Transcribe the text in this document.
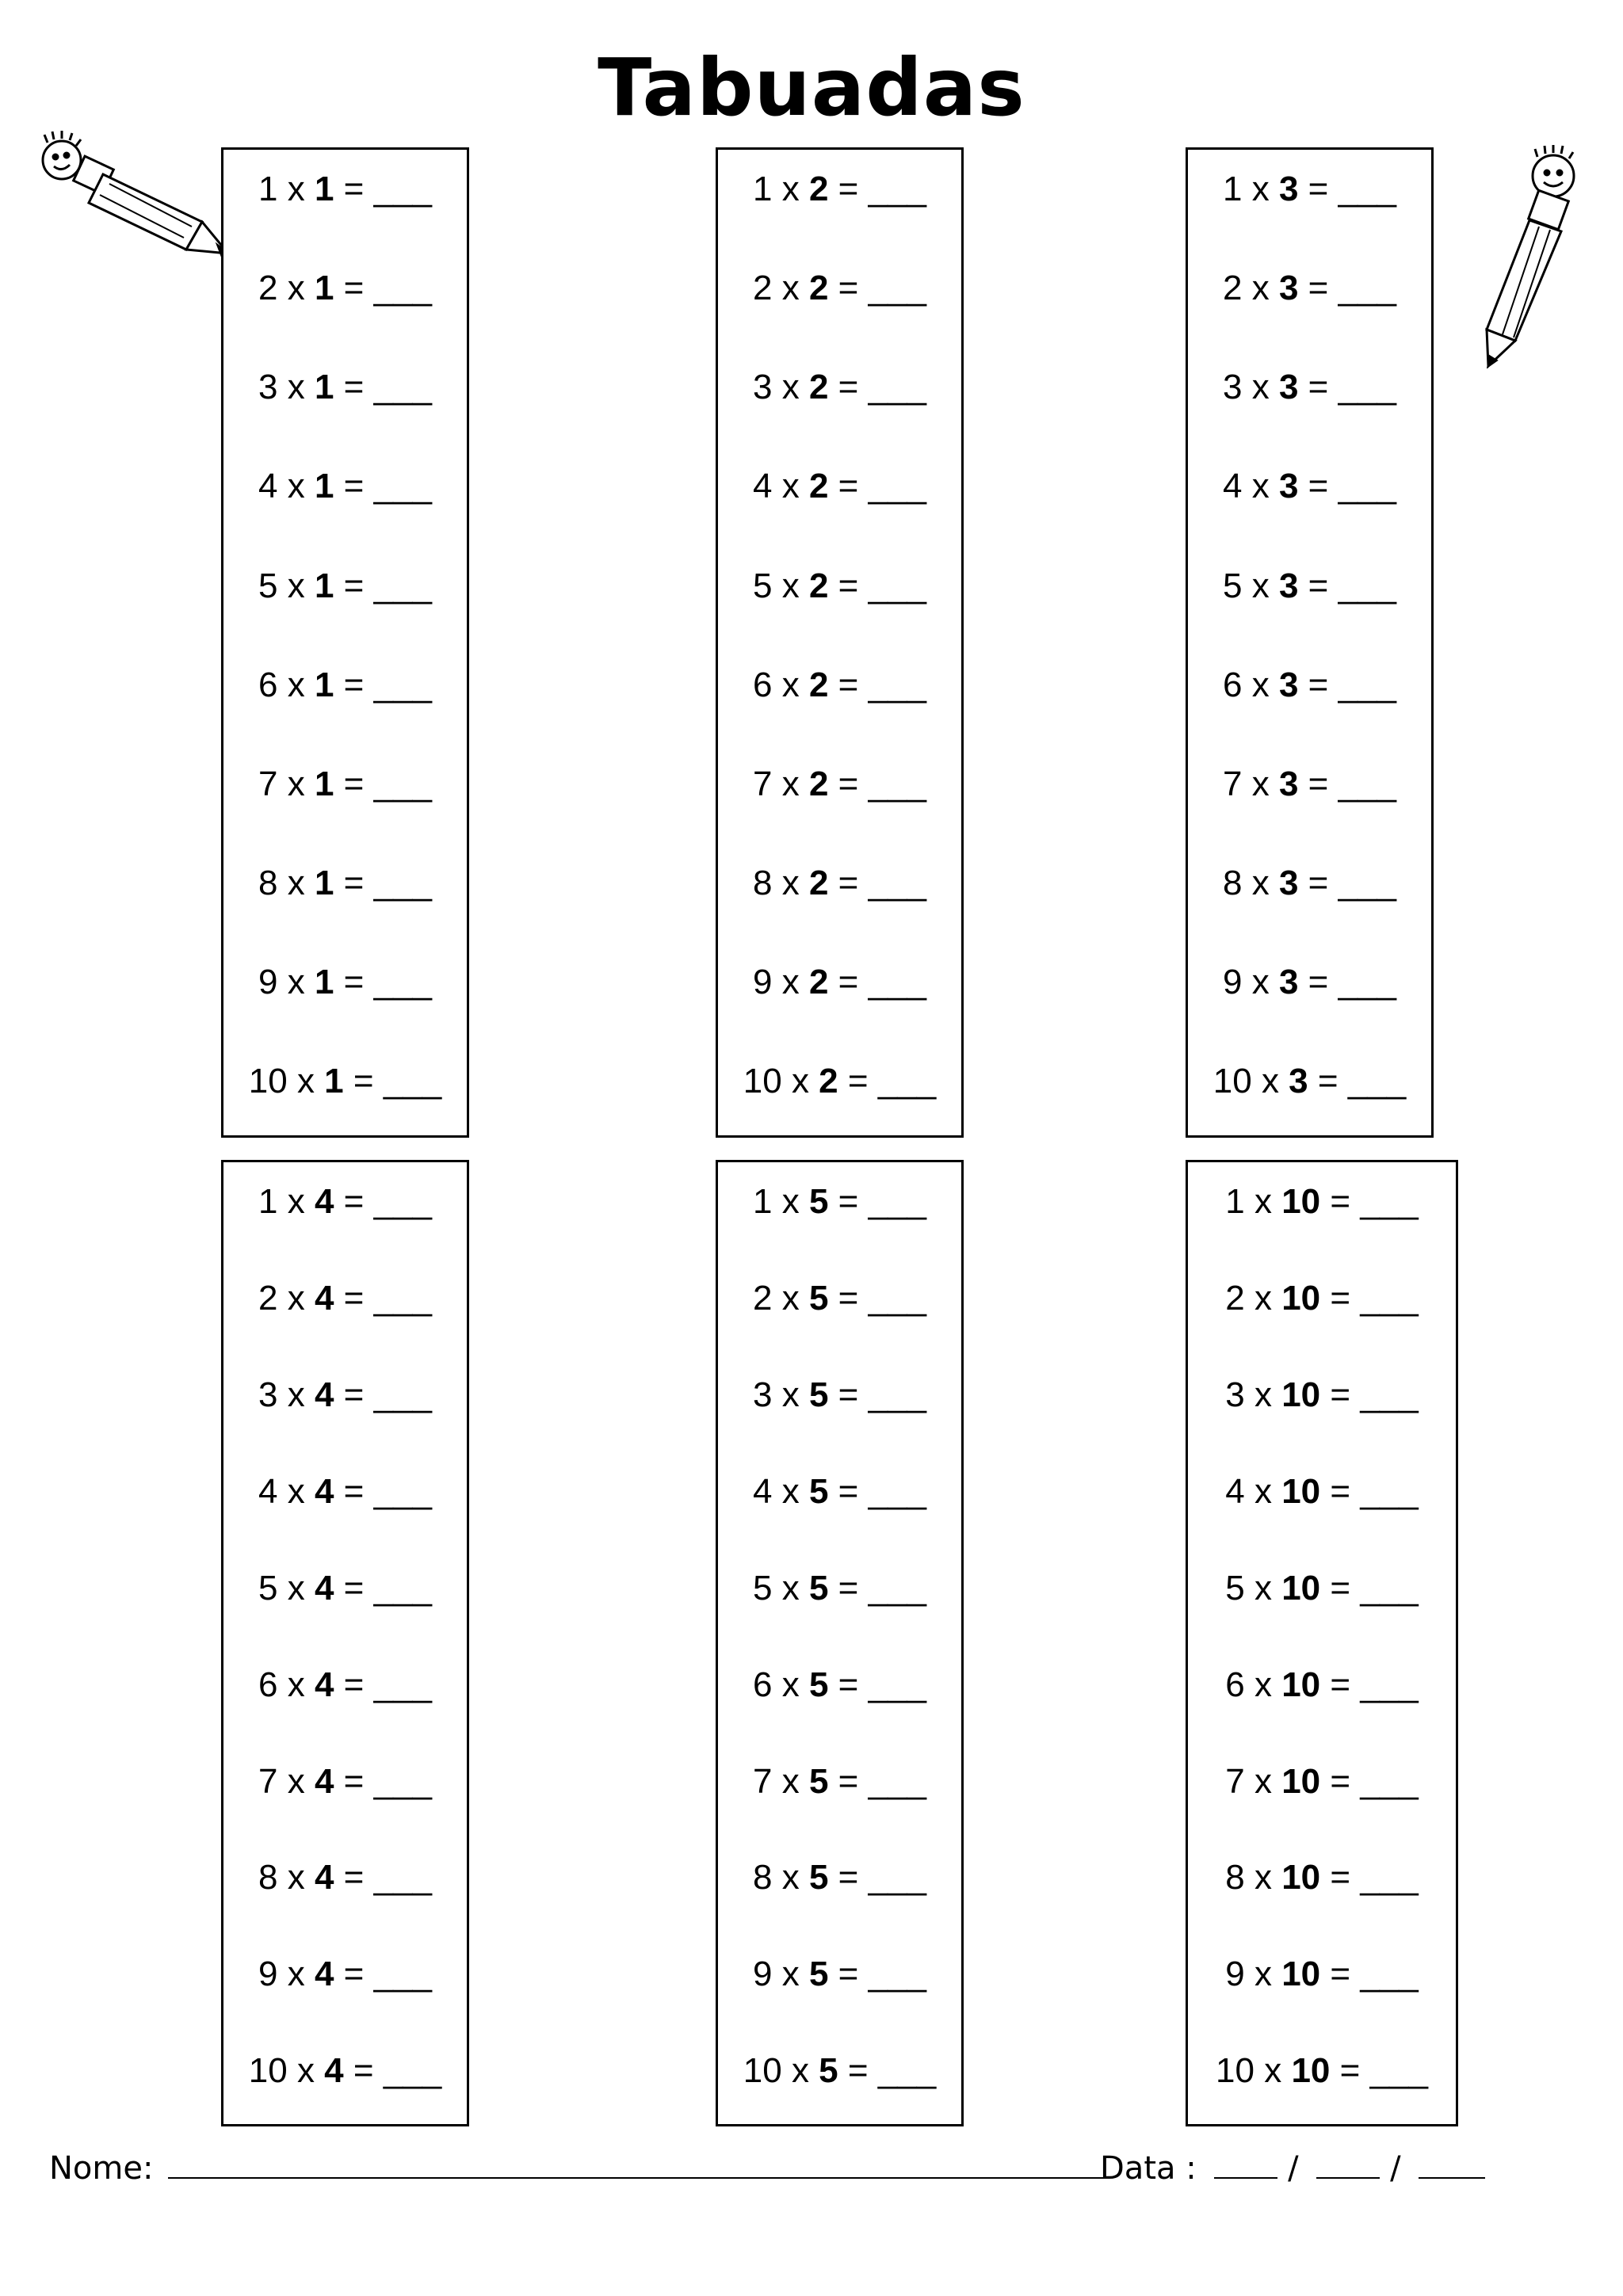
Tabuadas
1 x 1 = ___
2 x 1 = ___
3 x 1 = ___
4 x 1 = ___
5 x 1 = ___
6 x 1 = ___
7 x 1 = ___
8 x 1 = ___
9 x 1 = ___
10 x 1 = ___
1 x 2 = ___
2 x 2 = ___
3 x 2 = ___
4 x 2 = ___
5 x 2 = ___
6 x 2 = ___
7 x 2 = ___
8 x 2 = ___
9 x 2 = ___
10 x 2 = ___
1 x 3 = ___
2 x 3 = ___
3 x 3 = ___
4 x 3 = ___
5 x 3 = ___
6 x 3 = ___
7 x 3 = ___
8 x 3 = ___
9 x 3 = ___
10 x 3 = ___
1 x 4 = ___
2 x 4 = ___
3 x 4 = ___
4 x 4 = ___
5 x 4 = ___
6 x 4 = ___
7 x 4 = ___
8 x 4 = ___
9 x 4 = ___
10 x 4 = ___
1 x 5 = ___
2 x 5 = ___
3 x 5 = ___
4 x 5 = ___
5 x 5 = ___
6 x 5 = ___
7 x 5 = ___
8 x 5 = ___
9 x 5 = ___
10 x 5 = ___
1 x 10 = ___
2 x 10 = ___
3 x 10 = ___
4 x 10 = ___
5 x 10 = ___
6 x 10 = ___
7 x 10 = ___
8 x 10 = ___
9 x 10 = ___
10 x 10 = ___
Nome:	Data :	/	/
